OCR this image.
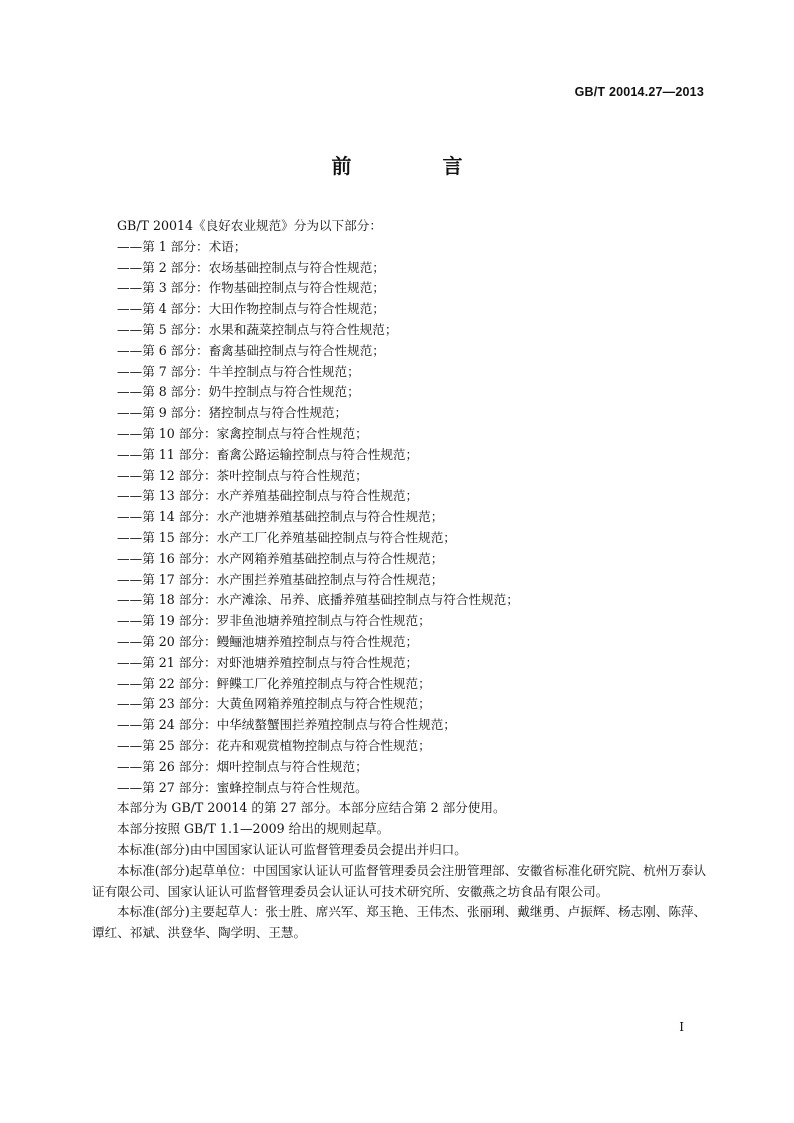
GB/T 20014.27—2013
前 言

GB/T 20014《良好农业规范》分为以下部分：

——第 1 部分：术语；

——第 2 部分：农场基础控制点与符合性规范；

——第 3 部分：作物基础控制点与符合性规范；

——第 4 部分：大田作物控制点与符合性规范；

——第 5 部分：水果和蔬菜控制点与符合性规范；

——第 6 部分：畜禽基础控制点与符合性规范；

——第 7 部分：牛羊控制点与符合性规范；

——第 8 部分：奶牛控制点与符合性规范；

——第 9 部分：猪控制点与符合性规范；

——第 10 部分：家禽控制点与符合性规范；

——第 11 部分：畜禽公路运输控制点与符合性规范；

——第 12 部分：茶叶控制点与符合性规范；

——第 13 部分：水产养殖基础控制点与符合性规范；

——第 14 部分：水产池塘养殖基础控制点与符合性规范；

——第 15 部分：水产工厂化养殖基础控制点与符合性规范；

——第 16 部分：水产网箱养殖基础控制点与符合性规范；

——第 17 部分：水产围拦养殖基础控制点与符合性规范；

——第 18 部分：水产滩涂、吊养、底播养殖基础控制点与符合性规范；

——第 19 部分：罗非鱼池塘养殖控制点与符合性规范；

——第 20 部分：鳗鲡池塘养殖控制点与符合性规范；

——第 21 部分：对虾池塘养殖控制点与符合性规范；

——第 22 部分：鲆鲽工厂化养殖控制点与符合性规范；

——第 23 部分：大黄鱼网箱养殖控制点与符合性规范；

——第 24 部分：中华绒螯蟹围拦养殖控制点与符合性规范；

——第 25 部分：花卉和观赏植物控制点与符合性规范；

——第 26 部分：烟叶控制点与符合性规范；

——第 27 部分：蜜蜂控制点与符合性规范。

本部分为 GB/T 20014 的第 27 部分。本部分应结合第 2 部分使用。

本部分按照 GB/T 1.1—2009 给出的规则起草。

本标准(部分)由中国国家认证认可监督管理委员会提出并归口。

本标准(部分)起草单位：中国国家认证认可监督管理委员会注册管理部、安徽省标准化研究院、杭州万泰认证有限公司、国家认证认可监督管理委员会认证认可技术研究所、安徽燕之坊食品有限公司。

本标准(部分)主要起草人：张士胜、席兴军、郑玉艳、王伟杰、张丽琍、戴继勇、卢振辉、杨志刚、陈萍、谭红、祁斌、洪登华、陶学明、王慧。

I
